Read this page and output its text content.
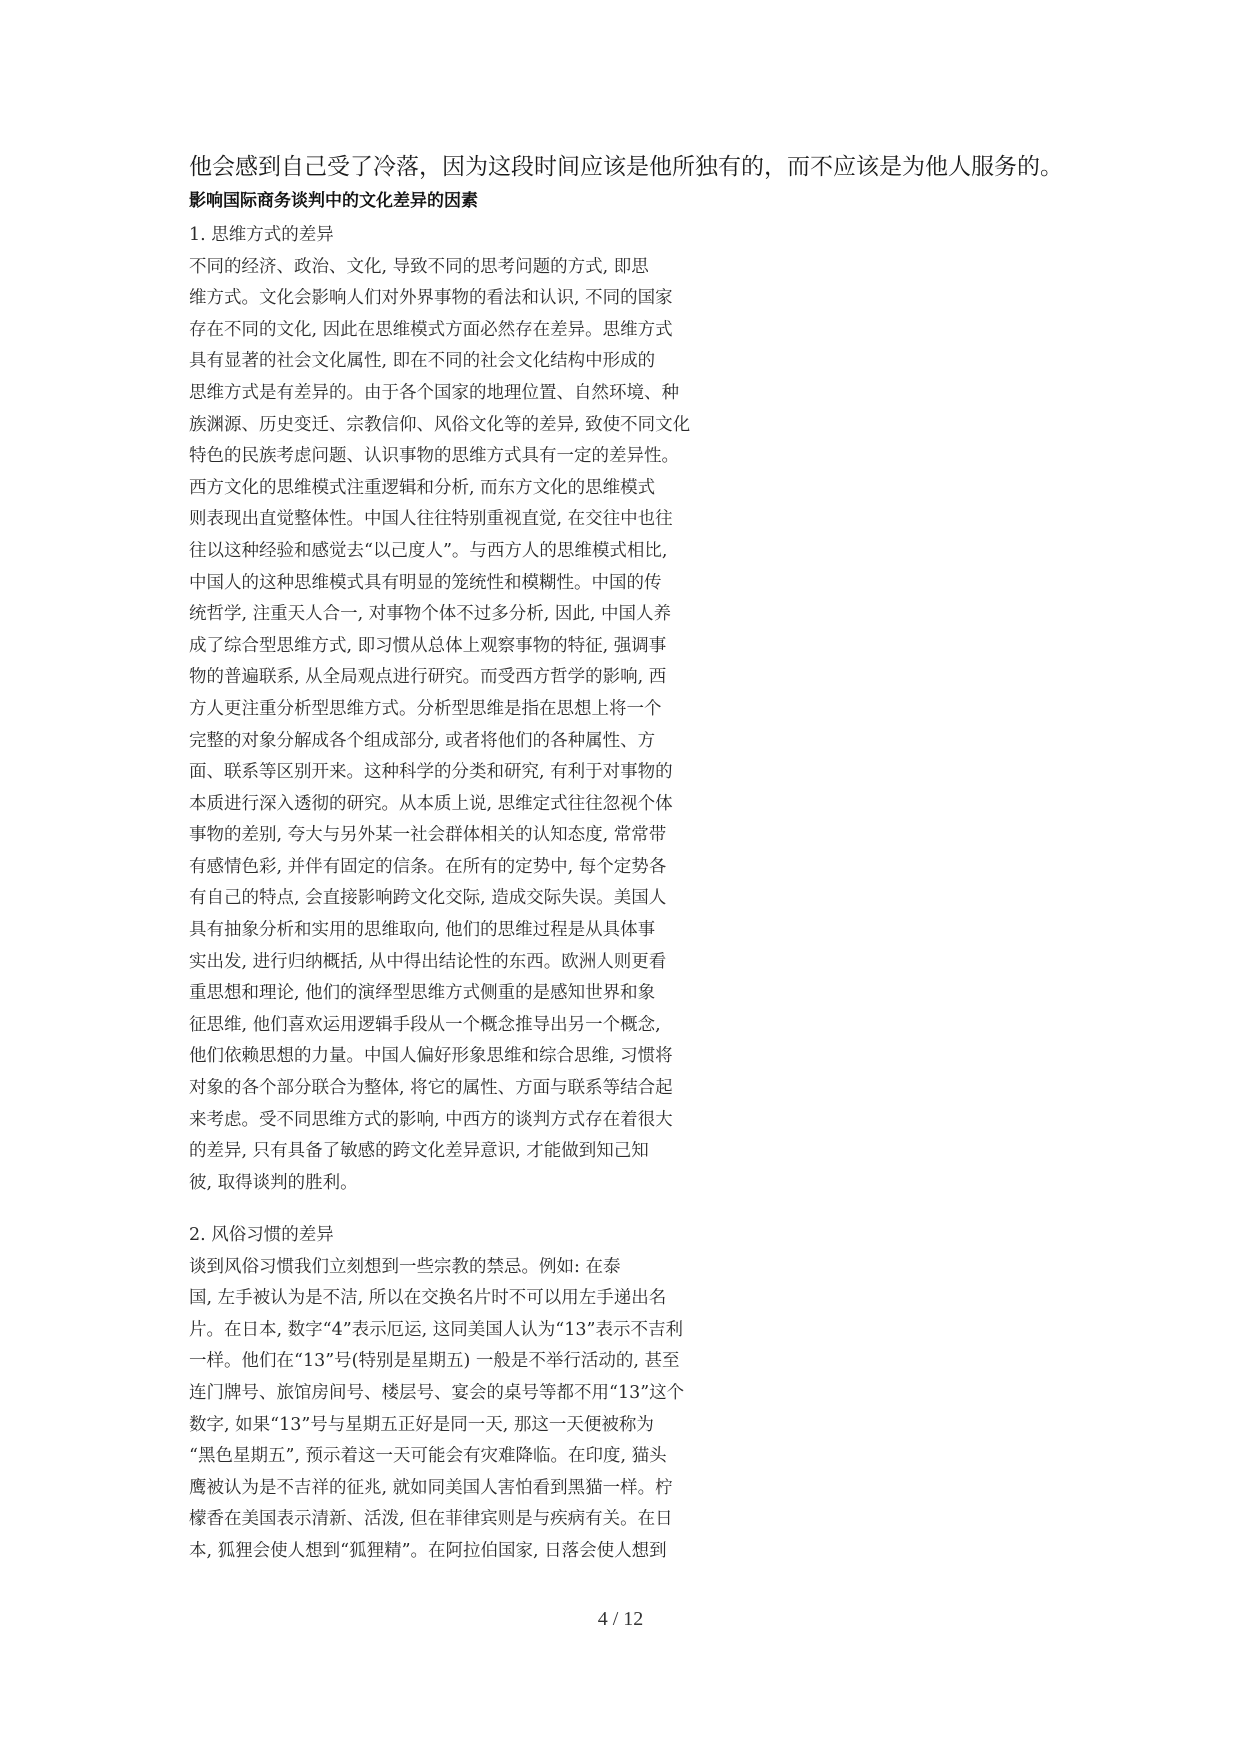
他会感到自己受了冷落，因为这段时间应该是他所独有的，而不应该是为他人服务的。
影响国际商务谈判中的文化差异的因素
1. 思维方式的差异
不同的经济、政治、文化, 导致不同的思考问题的方式, 即思
维方式。文化会影响人们对外界事物的看法和认识, 不同的国家
存在不同的文化, 因此在思维模式方面必然存在差异。思维方式
具有显著的社会文化属性, 即在不同的社会文化结构中形成的
思维方式是有差异的。由于各个国家的地理位置、自然环境、种
族渊源、历史变迁、宗教信仰、风俗文化等的差异, 致使不同文化
特色的民族考虑问题、认识事物的思维方式具有一定的差异性。
西方文化的思维模式注重逻辑和分析, 而东方文化的思维模式
则表现出直觉整体性。中国人往往特别重视直觉, 在交往中也往
往以这种经验和感觉去“以己度人”。与西方人的思维模式相比,
中国人的这种思维模式具有明显的笼统性和模糊性。中国的传
统哲学, 注重天人合一, 对事物个体不过多分析, 因此, 中国人养
成了综合型思维方式, 即习惯从总体上观察事物的特征, 强调事
物的普遍联系, 从全局观点进行研究。而受西方哲学的影响, 西
方人更注重分析型思维方式。分析型思维是指在思想上将一个
完整的对象分解成各个组成部分, 或者将他们的各种属性、方
面、联系等区别开来。这种科学的分类和研究, 有利于对事物的
本质进行深入透彻的研究。从本质上说, 思维定式往往忽视个体
事物的差别, 夸大与另外某一社会群体相关的认知态度, 常常带
有感情色彩, 并伴有固定的信条。在所有的定势中, 每个定势各
有自己的特点, 会直接影响跨文化交际, 造成交际失误。美国人
具有抽象分析和实用的思维取向, 他们的思维过程是从具体事
实出发, 进行归纳概括, 从中得出结论性的东西。欧洲人则更看
重思想和理论, 他们的演绎型思维方式侧重的是感知世界和象
征思维, 他们喜欢运用逻辑手段从一个概念推导出另一个概念,
他们依赖思想的力量。中国人偏好形象思维和综合思维, 习惯将
对象的各个部分联合为整体, 将它的属性、方面与联系等结合起
来考虑。受不同思维方式的影响, 中西方的谈判方式存在着很大
的差异, 只有具备了敏感的跨文化差异意识, 才能做到知己知
彼, 取得谈判的胜利。
2. 风俗习惯的差异
谈到风俗习惯我们立刻想到一些宗教的禁忌。例如: 在泰
国, 左手被认为是不洁, 所以在交换名片时不可以用左手递出名
片。在日本, 数字“4”表示厄运, 这同美国人认为“13”表示不吉利
一样。他们在“13”号(特别是星期五) 一般是不举行活动的, 甚至
连门牌号、旅馆房间号、楼层号、宴会的桌号等都不用“13”这个
数字, 如果“13”号与星期五正好是同一天, 那这一天便被称为
“黑色星期五”, 预示着这一天可能会有灾难降临。在印度, 猫头
鹰被认为是不吉祥的征兆, 就如同美国人害怕看到黑猫一样。柠
檬香在美国表示清新、活泼, 但在菲律宾则是与疾病有关。在日
本, 狐狸会使人想到“狐狸精”。在阿拉伯国家, 日落会使人想到
4 / 12
